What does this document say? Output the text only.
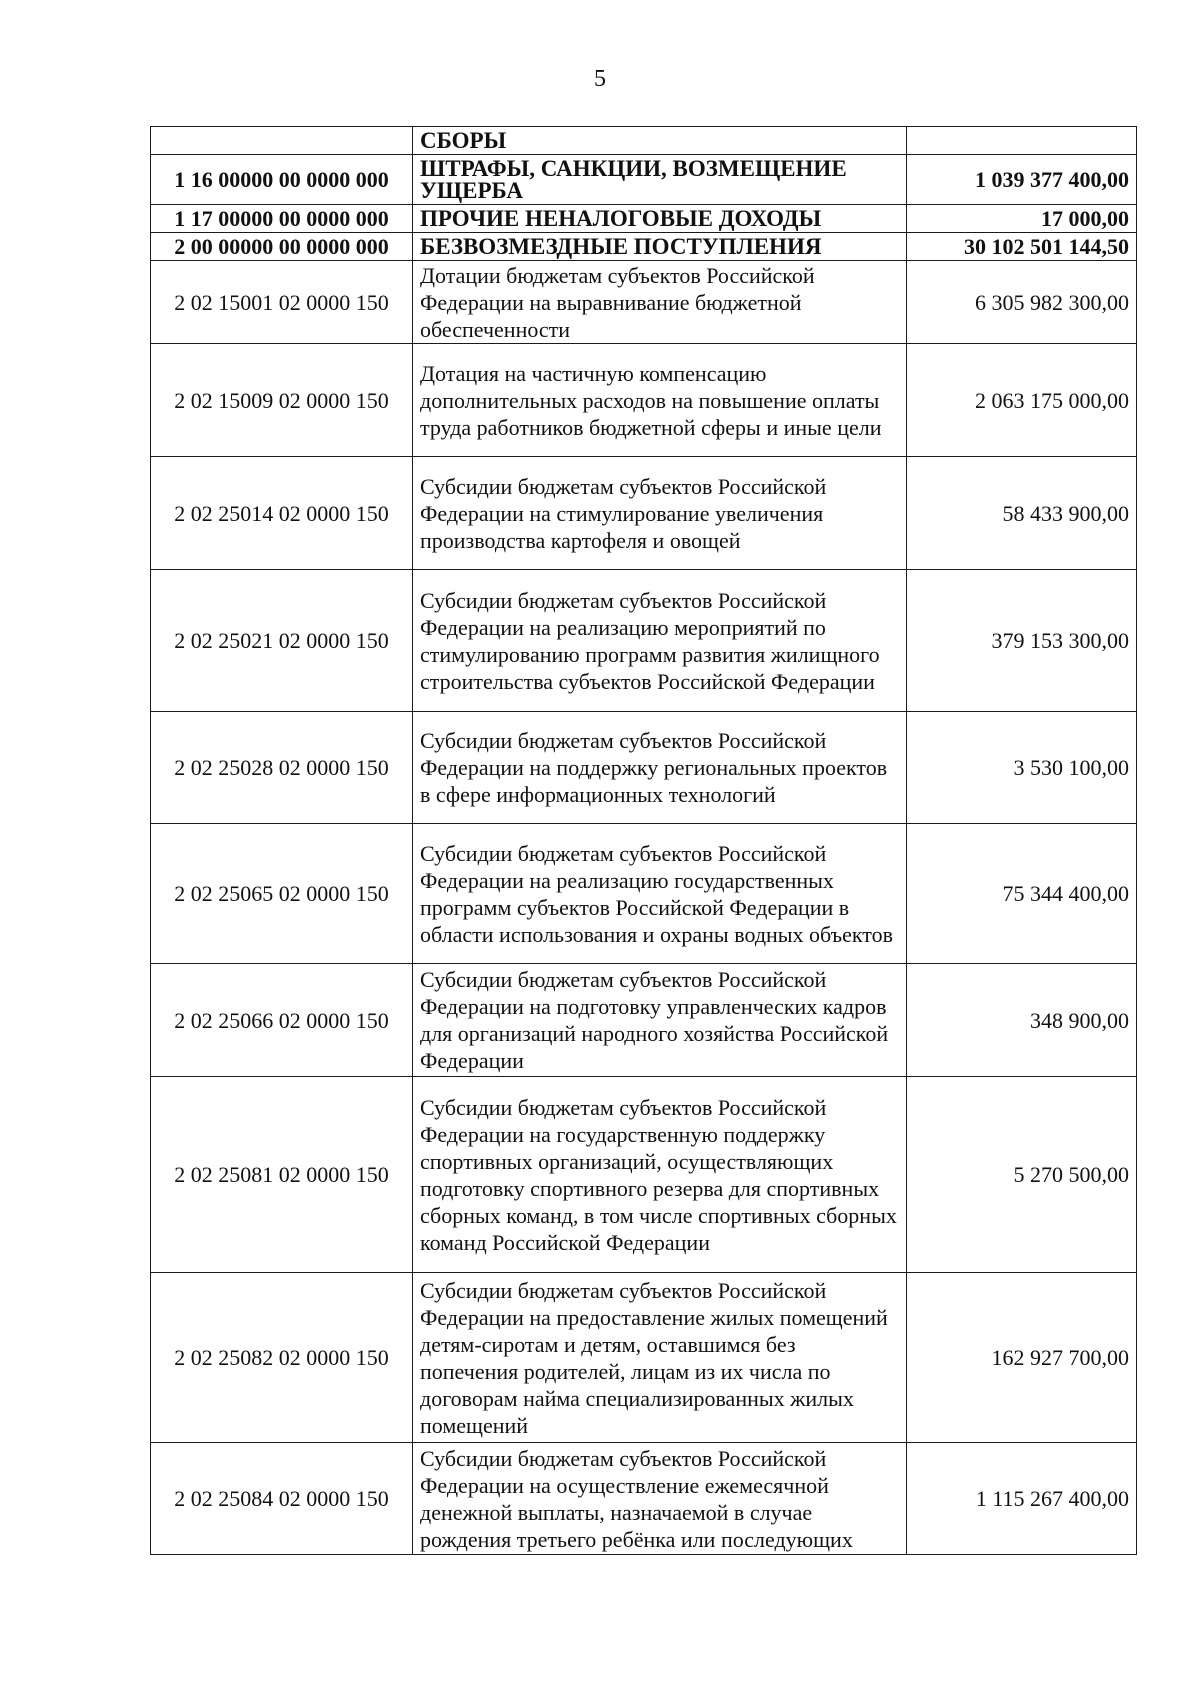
5
	СБОРЫ	
1 16 00000 00 0000 000	ШТРАФЫ, САНКЦИИ, ВОЗМЕЩЕНИЕ УЩЕРБА	1 039 377 400,00
1 17 00000 00 0000 000	ПРОЧИЕ НЕНАЛОГОВЫЕ ДОХОДЫ	17 000,00
2 00 00000 00 0000 000	БЕЗВОЗМЕЗДНЫЕ ПОСТУПЛЕНИЯ	30 102 501 144,50
2 02 15001 02 0000 150	Дотации бюджетам субъектов Российской Федерации на выравнивание бюджетной обеспеченности	6 305 982 300,00
2 02 15009 02 0000 150	Дотация на частичную компенсацию дополнительных расходов на повышение оплаты труда работников бюджетной сферы и иные цели	2 063 175 000,00
2 02 25014 02 0000 150	Субсидии бюджетам субъектов Российской Федерации на стимулирование увеличения производства картофеля и овощей	58 433 900,00
2 02 25021 02 0000 150	Субсидии бюджетам субъектов Российской Федерации на реализацию мероприятий по стимулированию программ развития жилищного строительства субъектов Российской Федерации	379 153 300,00
2 02 25028 02 0000 150	Субсидии бюджетам субъектов Российской Федерации на поддержку региональных проектов в сфере информационных технологий	3 530 100,00
2 02 25065 02 0000 150	Субсидии бюджетам субъектов Российской Федерации на реализацию государственных программ субъектов Российской Федерации в области использования и охраны водных объектов	75 344 400,00
2 02 25066 02 0000 150	Субсидии бюджетам субъектов Российской Федерации на подготовку управленческих кадров для организаций народного хозяйства Российской Федерации	348 900,00
2 02 25081 02 0000 150	Субсидии бюджетам субъектов Российской Федерации на государственную поддержку спортивных организаций, осуществляющих подготовку спортивного резерва для спортивных сборных команд, в том числе спортивных сборных команд Российской Федерации	5 270 500,00
2 02 25082 02 0000 150	Субсидии бюджетам субъектов Российской Федерации на предоставление жилых помещений детям-сиротам и детям, оставшимся без попечения родителей, лицам из их числа по договорам найма специализированных жилых помещений	162 927 700,00
2 02 25084 02 0000 150	Субсидии бюджетам субъектов Российской Федерации на осуществление ежемесячной денежной выплаты, назначаемой в случае рождения третьего ребёнка или последующих	1 115 267 400,00
